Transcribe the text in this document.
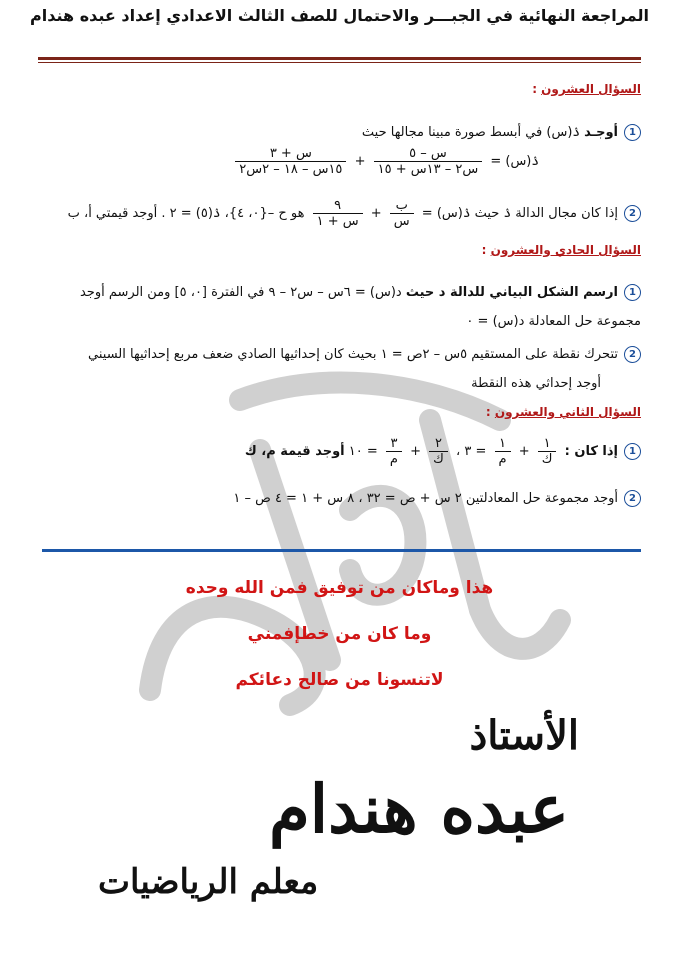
المراجعة النهائية في الجبـــر والاحتمال للصف الثالث الاعدادي إعداد عبده هندام
السؤال العشرون :
1أوجـد ۮ(س) في أبسط صورة مبينا مجالها حيث
ۮ(س) =
$\frac{\text{س – ٥}}{\text{س٢ – ١٣س + ١٥}}$
+
$\frac{\text{س + ٣}}{\text{١٥س – ١٨ – ٢س٢}}$
2إذا كان مجال الدالة ۮ حيث ۮ(س) =
$\frac{\text{ب}}{\text{س}}$
+
$\frac{٩}{\text{س + ١}}$
هو ح –{٠، ٤}، ۮ(٥) = ٢ . أوجد قيمتي أ، ب
السؤال الحادي والعشرون :
1ارسم الشكل البياني للدالة د حيث د(س) = ٦س – س٢ – ٩ في الفترة [٠، ٥] ومن الرسم أوجد
مجموعة حل المعادلة د(س) = ٠
2تتحرك نقطة على المستقيم ٥س – ٢ص = ١ بحيث كان إحداثيها الصادي ضعف مربع إحداثيها السيني
أوجد إحداثي هذه النقطة
السؤال الثاني والعشرون :
1إذا كان :
$\frac{١}{\text{ك}}$
+
$\frac{١}{\text{م}}$
= ٣ ،
$\frac{٢}{\text{ك}}$
+
$\frac{٣}{\text{م}}$
= ١٠ أوجد قيمة م، ك
2أوجد مجموعة حل المعادلتين ٢ س + ص = ٣٢ ، ٨ س + ١ = ٤ ص – ١
هذا وماكان من توفيق فمن الله وحده
وما كان من خطإفمني
لاتنسونا من صالح دعائكم
الأستاذ
عبده هندام
معلم الرياضيات
